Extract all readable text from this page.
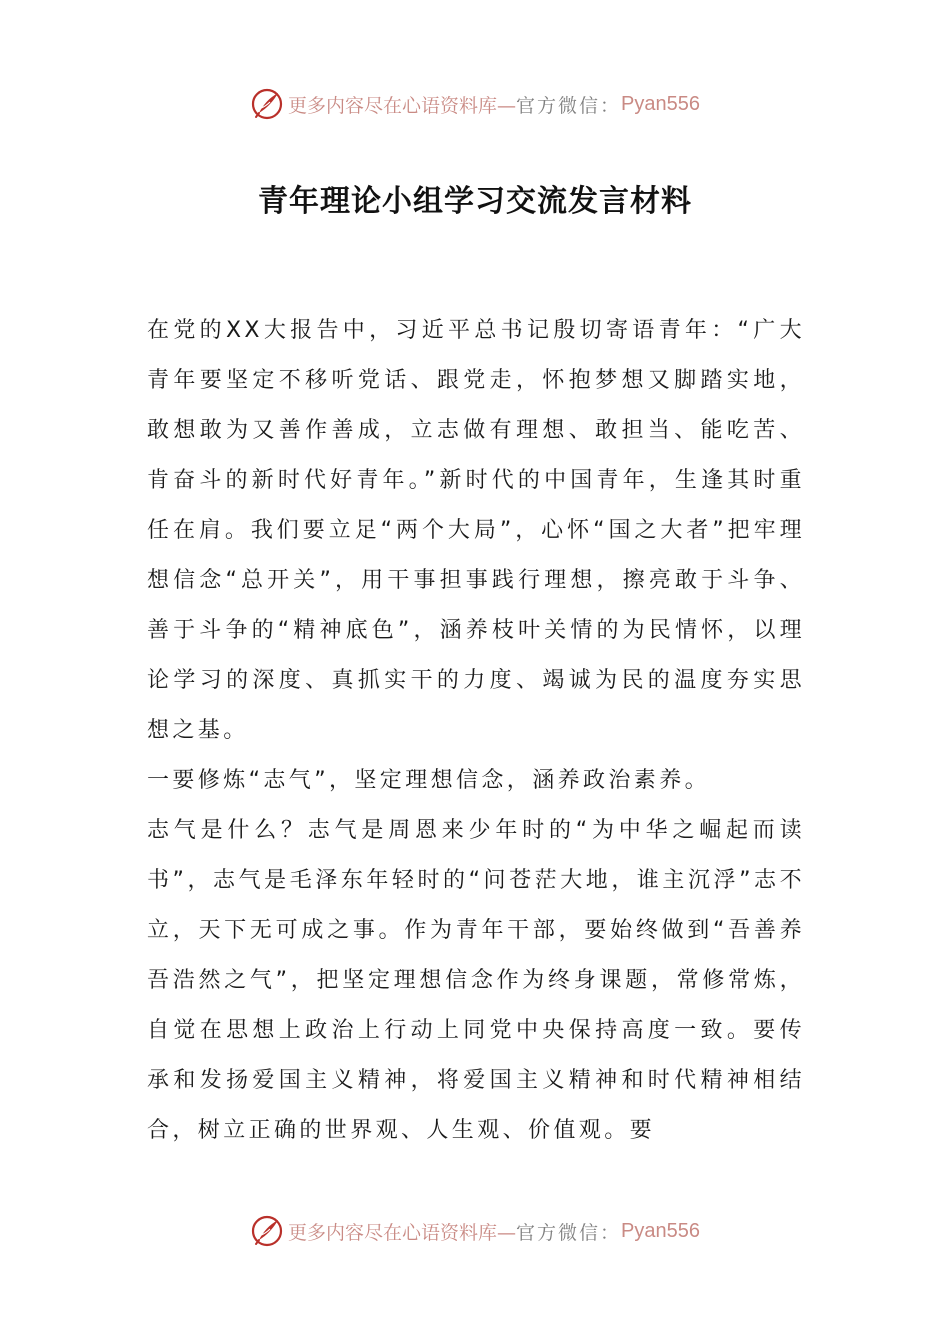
更多内容尽在心语资料库— 官方微信： Pyan556
青年理论小组学习交流发言材料

在党的XX大报告中，习近平总书记殷切寄语青年：“广大青年要坚定不移听党话、跟党走，怀抱梦想又脚踏实地，敢想敢为又善作善成，立志做有理想、敢担当、能吃苦、肯奋斗的新时代好青年。”新时代的中国青年，生逢其时重任在肩。我们要立足“两个大局”，心怀“国之大者”把牢理想信念“总开关”，用干事担事践行理想，擦亮敢于斗争、善于斗争的“精神底色”，涵养枝叶关情的为民情怀，以理论学习的深度、真抓实干的力度、竭诚为民的温度夯实思想之基。

一要修炼“志气”，坚定理想信念，涵养政治素养。

志气是什么？志气是周恩来少年时的“为中华之崛起而读书”，志气是毛泽东年轻时的“问苍茫大地，谁主沉浮”志不立，天下无可成之事。作为青年干部，要始终做到“吾善养吾浩然之气”，把坚定理想信念作为终身课题，常修常炼，自觉在思想上政治上行动上同党中央保持高度一致。要传承和发扬爱国主义精神，将爱国主义精神和时代精神相结合，树立正确的世界观、人生观、价值观。要

更多内容尽在心语资料库— 官方微信： Pyan556
